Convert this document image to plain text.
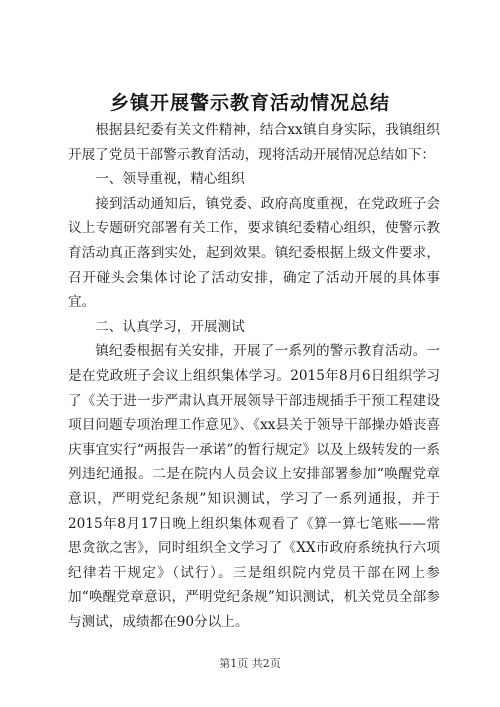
乡镇开展警示教育活动情况总结

根据县纪委有关文件精神，结合xx镇自身实际，我镇组织开展了党员干部警示教育活动，现将活动开展情况总结如下：

一、领导重视，精心组织

接到活动通知后，镇党委、政府高度重视，在党政班子会议上专题研究部署有关工作，要求镇纪委精心组织，使警示教育活动真正落到实处，起到效果。镇纪委根据上级文件要求，召开碰头会集体讨论了活动安排，确定了活动开展的具体事宜。

二、认真学习，开展测试

镇纪委根据有关安排，开展了一系列的警示教育活动。一是在党政班子会议上组织集体学习。2015年8月6日组织学习了《关于进一步严肃认真开展领导干部违规插手干预工程建设项目问题专项治理工作意见》、《xx县关于领导干部操办婚丧喜庆事宜实行“两报告一承诺”的暂行规定》以及上级转发的一系列违纪通报。二是在院内人员会议上安排部署参加“唤醒党章意识，严明党纪条规”知识测试，学习了一系列通报，并于2015年8月17日晚上组织集体观看了《算一算七笔账——常思贪欲之害》，同时组织全文学习了《XX市政府系统执行六项纪律若干规定》（试行）。三是组织院内党员干部在网上参加“唤醒党章意识，严明党纪条规”知识测试，机关党员全部参与测试，成绩都在90分以上。

第1页 共2页
